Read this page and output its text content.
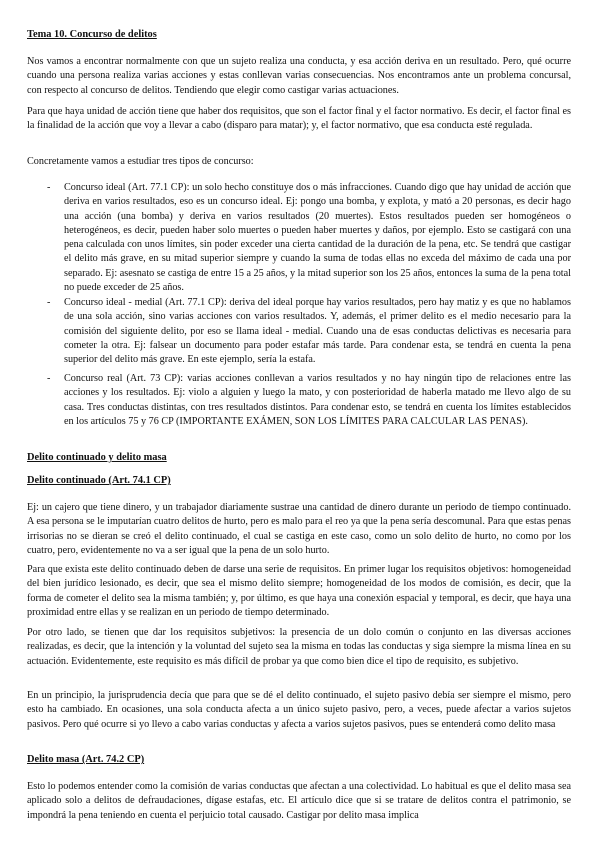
Tema 10. Concurso de delitos

Nos vamos a encontrar normalmente con que un sujeto realiza una conducta, y esa acción deriva en un resultado. Pero, qué ocurre cuando una persona realiza varias acciones y estas conllevan varias consecuencias. Nos encontramos ante un problema concursal, con respecto al concurso de delitos. Tendiendo que elegir como castigar varias actuaciones.

Para que haya unidad de acción tiene que haber dos requisitos, que son el factor final y el factor normativo. Es decir, el factor final es la finalidad de la acción que voy a llevar a cabo (disparo para matar); y, el factor normativo, que esa conducta esté regulada.

Concretamente vamos a estudiar tres tipos de concurso:

- Concurso ideal (Art. 77.1 CP): un solo hecho constituye dos o más infracciones. Cuando digo que hay unidad de acción que deriva en varios resultados, eso es un concurso ideal. Ej: pongo una bomba, y explota, y mató a 20 personas, es decir hago una acción (una bomba) y deriva en varios resultados (20 muertes). Estos resultados pueden ser homogéneos o heterogéneos, es decir, pueden haber solo muertes o pueden haber muertes y daños, por ejemplo. Esto se castigará con una pena calculada con unos límites, sin poder exceder una cierta cantidad de la duración de la pena, etc. Se tendrá que castigar el delito más grave, en su mitad superior siempre y cuando la suma de todas ellas no exceda del máximo de cada una por separado. Ej: asesnato se castiga de entre 15 a 25 años, y la mitad superior son los 25 años, entonces la suma de la pena total no puede exceder de 25 años.

- Concurso ideal - medial (Art. 77.1 CP): deriva del ideal porque hay varios resultados, pero hay matiz y es que no hablamos de una sola acción, sino varias acciones con varios resultados. Y, además, el primer delito es el medio necesario para la comisión del siguiente delito, por eso se llama ideal - medial. Cuando una de esas conductas delictivas es necesaria para cometer la otra. Ej: falsear un documento para poder estafar más tarde. Para condenar esta, se tendrá en cuenta la pena superior del delito más grave. En este ejemplo, sería la estafa.

- Concurso real (Art. 73 CP): varias acciones conllevan a varios resultados y no hay ningún tipo de relaciones entre las acciones y los resultados. Ej: violo a alguien y luego la mato, y con posterioridad de haberla matado me llevo algo de su casa. Tres conductas distintas, con tres resultados distintos. Para condenar esto, se tendrá en cuenta los límites establecidos en los artículos 75 y 76 CP (IMPORTANTE EXÁMEN, SON LOS LÍMITES PARA CALCULAR LAS PENAS).

Delito continuado y delito masa
Delito continuado (Art. 74.1 CP)

Ej: un cajero que tiene dinero, y un trabajador diariamente sustrae una cantidad de dinero durante un periodo de tiempo continuado. A esa persona se le imputarían cuatro delitos de hurto, pero es malo para el reo ya que la pena sería descomunal. Para que estas penas irrisorias no se dieran se creó el delito continuado, el cual se castiga en este caso, como un solo delito de hurto, no como por los cuatro, pero, evidentemente no va a ser igual que la pena de un solo hurto.

Para que exista este delito continuado deben de darse una serie de requisitos. En primer lugar los requisitos objetivos: homogeneidad del bien jurídico lesionado, es decir, que sea el mismo delito siempre; homogeneidad de los modos de comisión, es decir, que la forma de cometer el delito sea la misma también; y, por último, es que haya una conexión espacial y temporal, es decir, que haya una proximidad entre ellas y se realizan en un periodo de tiempo determinado.

Por otro lado, se tienen que dar los requisitos subjetivos: la presencia de un dolo común o conjunto en las diversas acciones realizadas, es decir, que la intención y la voluntad del sujeto sea la misma en todas las conductas y siga siempre la misma línea en su actuación. Evidentemente, este requisito es más difícil de probar ya que como bien dice el tipo de requisito, es subjetivo.

En un principio, la jurisprudencia decía que para que se dé el delito continuado, el sujeto pasivo debía ser siempre el mismo, pero esto ha cambiado. En ocasiones, una sola conducta afecta a un único sujeto pasivo, pero, a veces, puede afectar a varios sujetos pasivos. Pero qué ocurre si yo llevo a cabo varias conductas y afecta a varios sujetos pasivos, pues se entenderá como delito masa

Delito masa (Art. 74.2 CP)

Esto lo podemos entender como la comisión de varias conductas que afectan a una colectividad. Lo habitual es que el delito masa sea aplicado solo a delitos de defraudaciones, dígase estafas, etc. El artículo dice que si se tratare de delitos contra el patrimonio, se impondrá la pena teniendo en cuenta el perjuicio total causado. Castigar por delito masa implica
